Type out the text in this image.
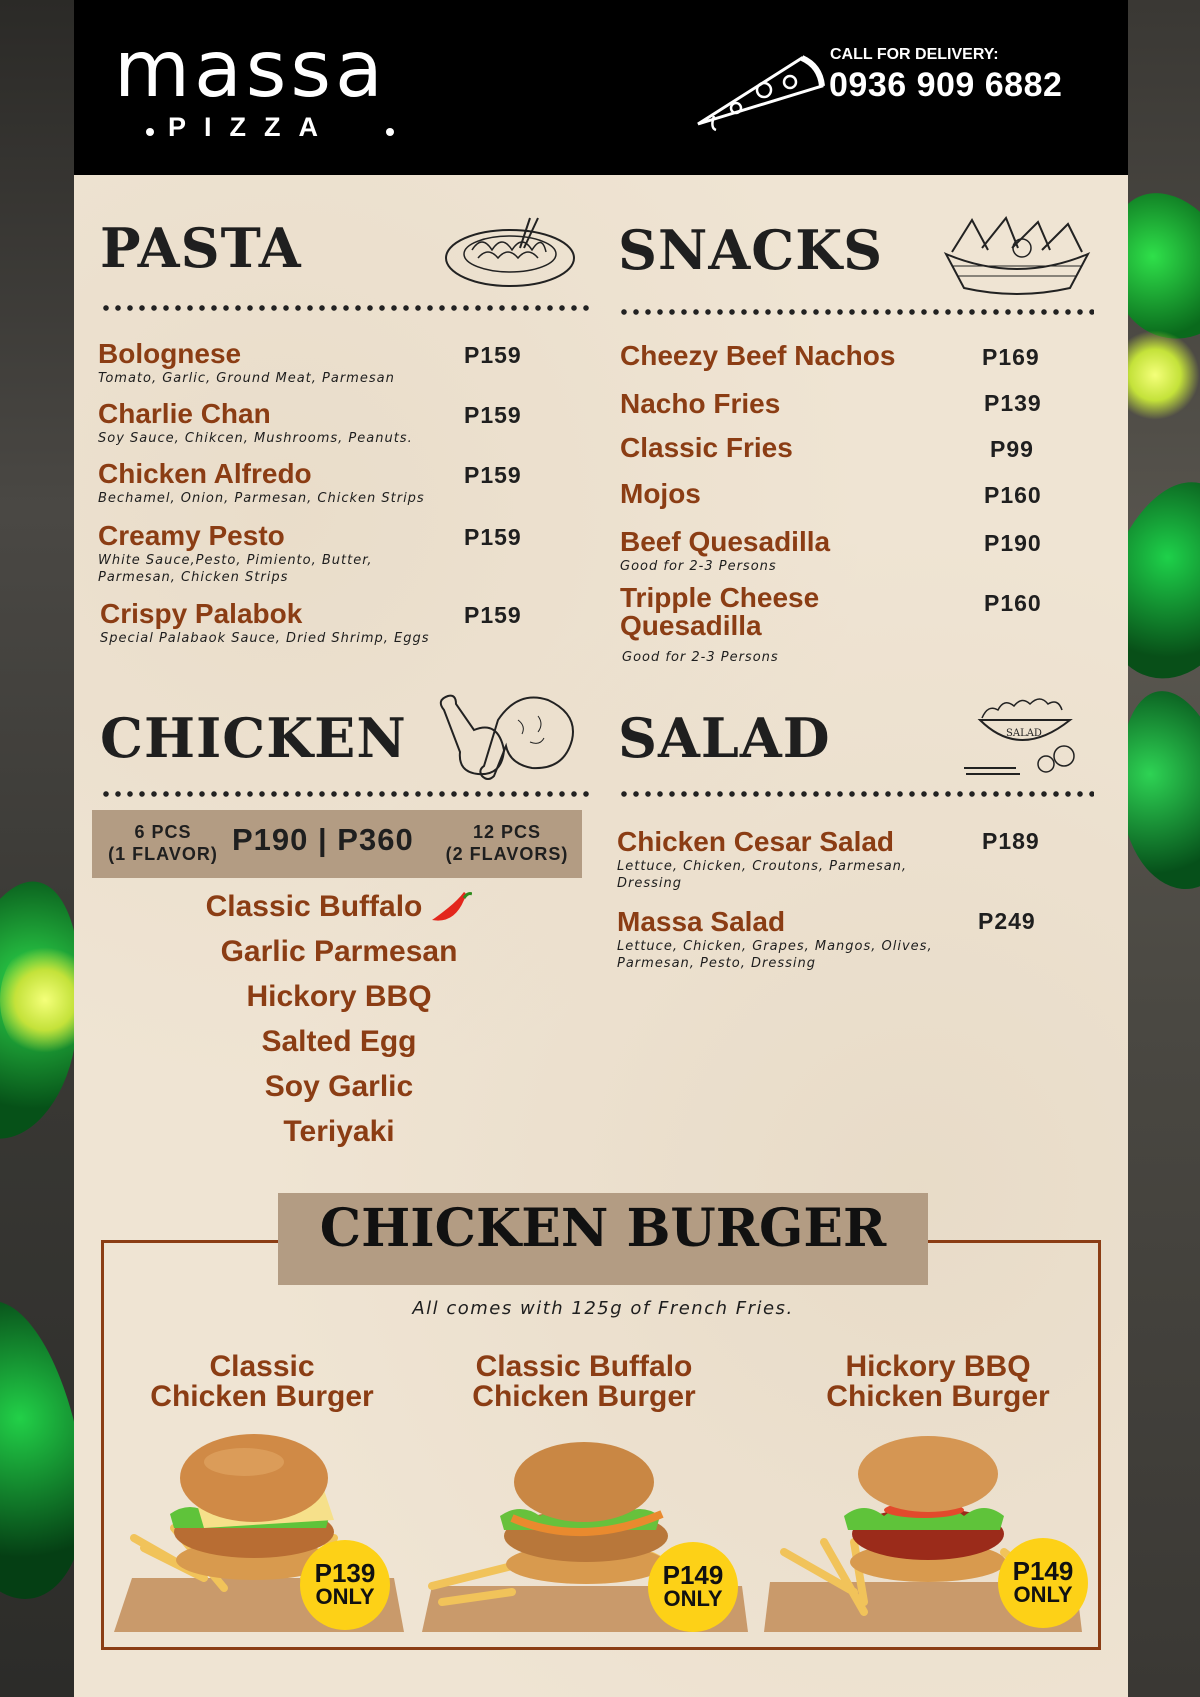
massa
PIZZA
CALL FOR DELIVERY:
0936 909 6882
PASTA
Bolognese
Tomato, Garlic, Ground Meat, Parmesan
P159
Charlie Chan
Soy Sauce, Chikcen, Mushrooms, Peanuts.
P159
Chicken Alfredo
Bechamel, Onion, Parmesan, Chicken Strips
P159
Creamy Pesto
White Sauce,Pesto, Pimiento, Butter, Parmesan, Chicken Strips
P159
Crispy Palabok
Special Palabaok Sauce, Dried Shrimp, Eggs
P159
SNACKS
Cheezy Beef Nachos	P169
Nacho Fries	P139
Classic Fries	P99
Mojos	P160
Beef Quesadilla
Good for 2-3 Persons
P190
Tripple Cheese Quesadilla
Good for 2-3 Persons
P160
CHICKEN
6 PCS
(1 FLAVOR) P190 | P360	12 PCS
(2 FLAVORS)
Classic Buffalo
Garlic Parmesan
Hickory BBQ
Salted Egg
Soy Garlic
Teriyaki
SALAD	SALAD
Chicken Cesar Salad
Lettuce, Chicken, Croutons, Parmesan, Dressing
P189
Massa Salad
Lettuce, Chicken, Grapes, Mangos, Olives, Parmesan, Pesto, Dressing
P249
CHICKEN BURGER
All comes with 125g of French Fries.
Classic
Chicken Burger
P139
ONLY
Classic Buffalo
Chicken Burger
P149
ONLY
Hickory BBQ
Chicken Burger
P149
ONLY
